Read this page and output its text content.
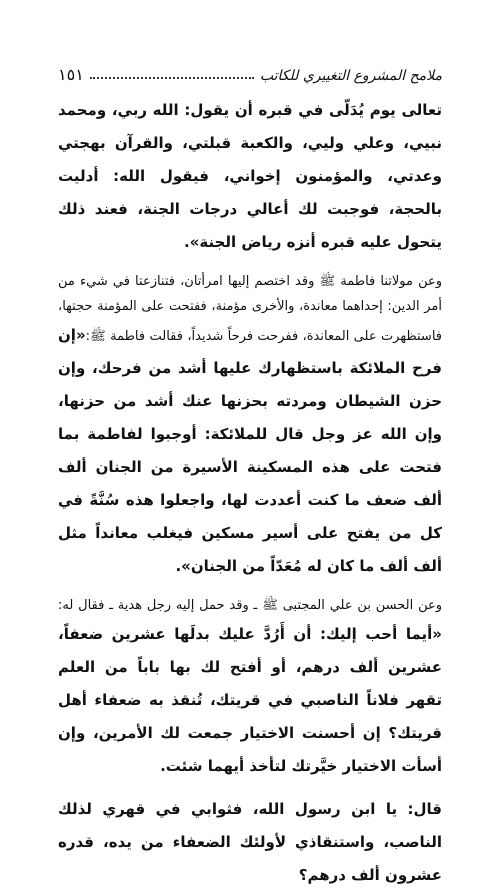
ملامح المشروع التغييري للكاتب
١٥١

تعالى يوم يُدَلّى في قبره أن يقول: الله ربي، ومحمد نبيي، وعلي وليي، والكعبة قبلتي، والقرآن بهجتي وعدتي، والمؤمنون إخواني، فيقول الله: أدليت بالحجة، فوجبت لك أعالي درجات الجنة، فعند ذلك يتحول عليه قبره أنزه رياض الجنة».

وعن مولاتنا فاطمة ﷺ وقد اختصم إليها امرأتان، فتنازعتا في شيء من أمر الدين: إحداهما معاندة، والأخرى مؤمنة، ففتحت على المؤمنة حجتها، فاستظهرت على المعاندة، ففرحت فرحاً شديداً، فقالت فاطمة ﷺ:«إن فرح الملائكة باستظهارك عليها أشد من فرحك، وإن حزن الشيطان ومردته بحزنها عنك أشد من حزنها، وإن الله عز وجل قال للملائكة: أوجبوا لفاطمة بما فتحت على هذه المسكينة الأسيرة من الجنان ألف ألف ضعف ما كنت أعددت لها، واجعلوا هذه سُنَّةً في كل من يفتح على أسير مسكين فيغلب معانداً مثل ألف ألف ما كان له مُعَدّاً من الجنان».

وعن الحسن بن علي المجتبى ﷺ ـ وقد حمل إليه رجل هدية ـ فقال له: «أيما أحب إليك: أن أَرُدَّ عليك بدلَها عشرين ضعفاً، عشرين ألف درهم، أو أفتح لك بها باباً من العلم تقهر فلاناً الناصبي في قريتك، تُنقذ به ضعفاء أهل قريتك؟ إن أحسنت الاختيار جمعت لك الأمرين، وإن أسأت الاختيار خيَّرتك لتأخذ أيهما شئت.

قال: يا ابن رسول الله، فثوابي في قهري لذلك الناصب، واستنقاذي لأولئك الضعفاء من يده، قدره عشرون ألف درهم؟
